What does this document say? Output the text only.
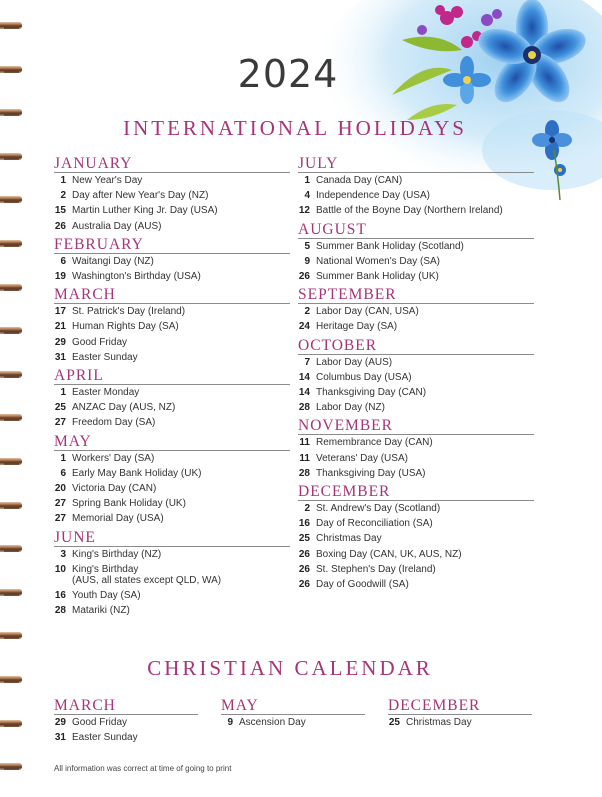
2024
INTERNATIONAL HOLIDAYS
JANUARY
1 New Year's Day
2 Day after New Year's Day (NZ)
15 Martin Luther King Jr. Day (USA)
26 Australia Day (AUS)
FEBRUARY
6 Waitangi Day (NZ)
19 Washington's Birthday (USA)
MARCH
17 St. Patrick's Day (Ireland)
21 Human Rights Day (SA)
29 Good Friday
31 Easter Sunday
APRIL
1 Easter Monday
25 ANZAC Day (AUS, NZ)
27 Freedom Day (SA)
MAY
1 Workers' Day (SA)
6 Early May Bank Holiday (UK)
20 Victoria Day (CAN)
27 Spring Bank Holiday (UK)
27 Memorial Day (USA)
JUNE
3 King's Birthday (NZ)
10 King's Birthday
(AUS, all states except QLD, WA)
16 Youth Day (SA)
28 Matariki (NZ)
JULY
1 Canada Day (CAN)
4 Independence Day (USA)
12 Battle of the Boyne Day (Northern Ireland)
AUGUST
5 Summer Bank Holiday (Scotland)
9 National Women's Day (SA)
26 Summer Bank Holiday (UK)
SEPTEMBER
2 Labor Day (CAN, USA)
24 Heritage Day (SA)
OCTOBER
7 Labor Day (AUS)
14 Columbus Day (USA)
14 Thanksgiving Day (CAN)
28 Labor Day (NZ)
NOVEMBER
11 Remembrance Day (CAN)
11 Veterans' Day (USA)
28 Thanksgiving Day (USA)
DECEMBER
2 St. Andrew's Day (Scotland)
16 Day of Reconciliation (SA)
25 Christmas Day
26 Boxing Day (CAN, UK, AUS, NZ)
26 St. Stephen's Day (Ireland)
26 Day of Goodwill (SA)
CHRISTIAN CALENDAR
MARCH
29 Good Friday
31 Easter Sunday
MAY
9 Ascension Day
DECEMBER
25 Christmas Day
All information was correct at time of going to print
